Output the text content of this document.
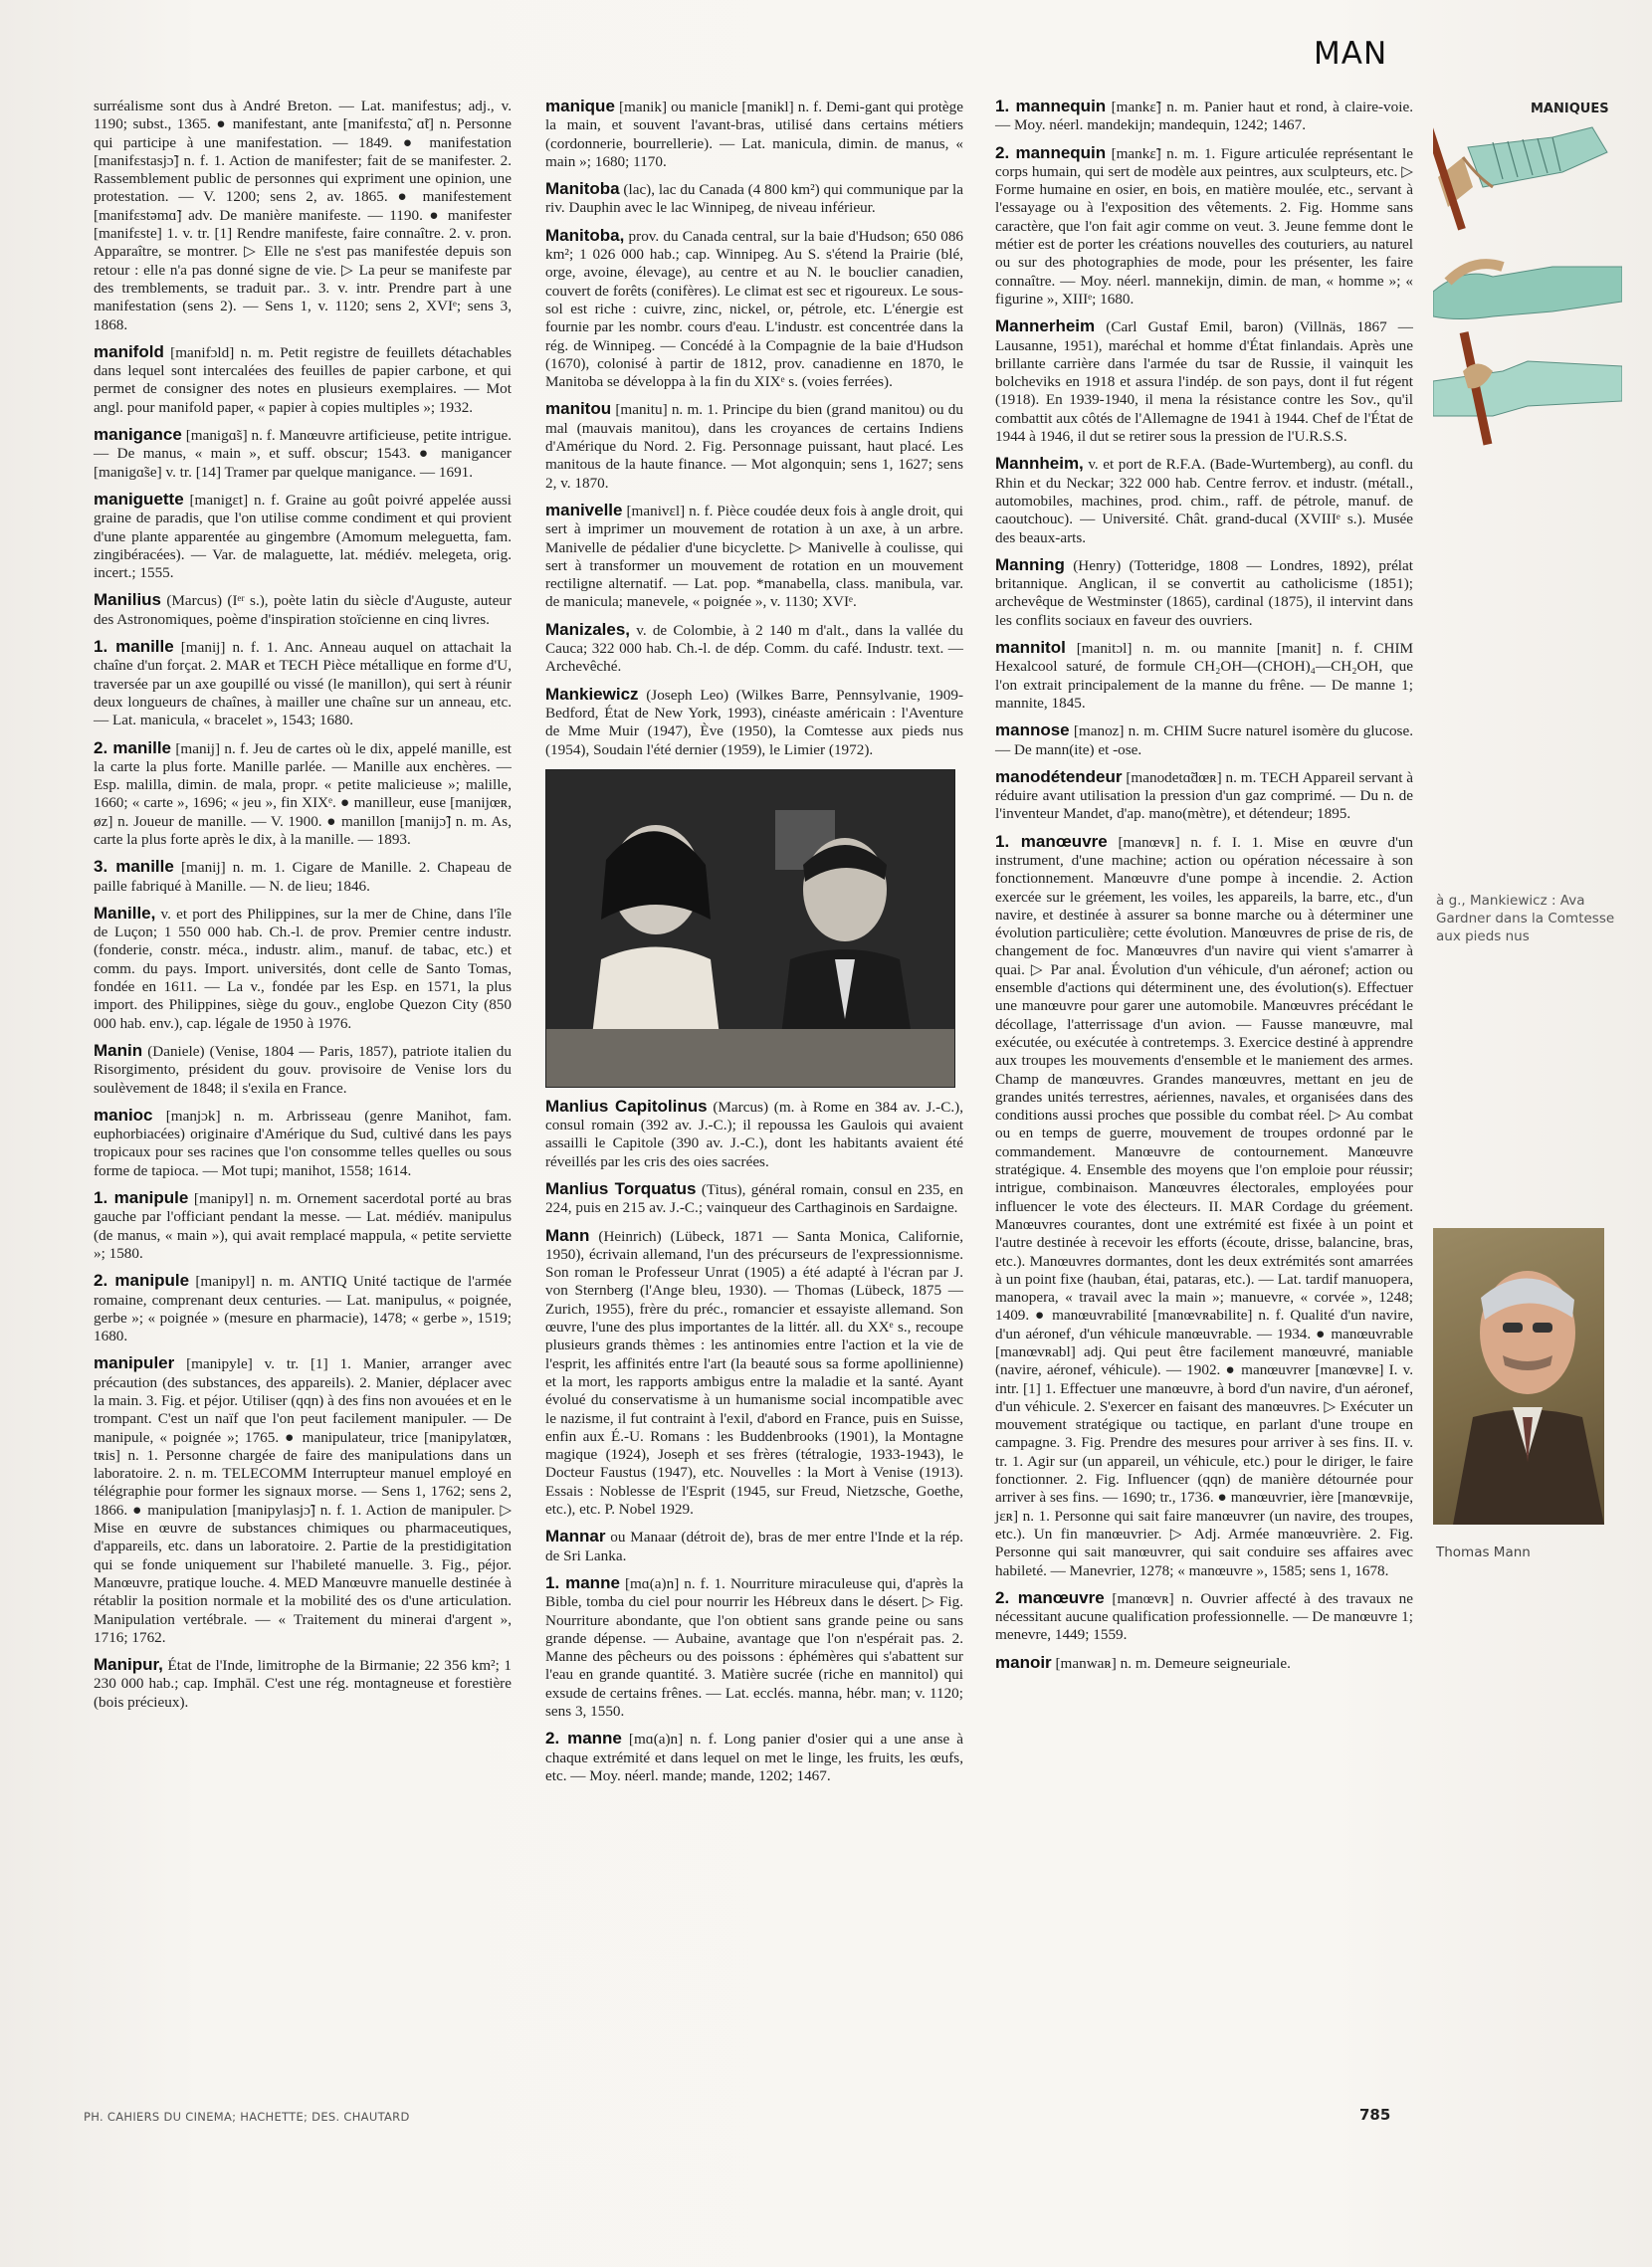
MAN

surréalisme sont dus à André Breton. — Lat. manifestus; adj., v. 1190; subst., 1365. ● manifestant, ante [manifɛstɑ̃, ɑ̃t] n. Personne qui participe à une manifestation. — 1849. ● manifestation [manifɛstasjɔ̃] n. f. 1. Action de manifester; fait de se manifester. 2. Rassemblement public de personnes qui expriment une opinion, une protestation. — V. 1200; sens 2, av. 1865. ● manifestement [manifɛstəmɑ̃] adv. De manière manifeste. — 1190. ● manifester [manifɛste] 1. v. tr. [1] Rendre manifeste, faire connaître. 2. v. pron. Apparaître, se montrer. ▷ Elle ne s'est pas manifestée depuis son retour : elle n'a pas donné signe de vie. ▷ La peur se manifeste par des tremblements, se traduit par.. 3. v. intr. Prendre part à une manifestation (sens 2). — Sens 1, v. 1120; sens 2, XVIᵉ; sens 3, 1868.

manifold [manifɔld] n. m. Petit registre de feuillets détachables dans lequel sont intercalées des feuilles de papier carbone, et qui permet de consigner des notes en plusieurs exemplaires. — Mot angl. pour manifold paper, « papier à copies multiples »; 1932.

manigance [manigɑ̃s] n. f. Manœuvre artificieuse, petite intrigue. — De manus, « main », et suff. obscur; 1543. ● manigancer [manigɑ̃se] v. tr. [14] Tramer par quelque manigance. — 1691.

maniguette [manigɛt] n. f. Graine au goût poivré appelée aussi graine de paradis, que l'on utilise comme condiment et qui provient d'une plante apparentée au gingembre (Amomum meleguetta, fam. zingibéracées). — Var. de malaguette, lat. médiév. melegeta, orig. incert.; 1555.

Manilius (Marcus) (Iᵉʳ s.), poète latin du siècle d'Auguste, auteur des Astronomiques, poème d'inspiration stoïcienne en cinq livres.

1. manille [manij] n. f. 1. Anc. Anneau auquel on attachait la chaîne d'un forçat. 2. MAR et TECH Pièce métallique en forme d'U, traversée par un axe goupillé ou vissé (le manillon), qui sert à réunir deux longueurs de chaînes, à mailler une chaîne sur un anneau, etc. — Lat. manicula, « bracelet », 1543; 1680.

2. manille [manij] n. f. Jeu de cartes où le dix, appelé manille, est la carte la plus forte. Manille parlée. — Manille aux enchères. — Esp. malilla, dimin. de mala, propr. « petite malicieuse »; malille, 1660; « carte », 1696; « jeu », fin XIXᵉ. ● manilleur, euse [manijœʀ, øz] n. Joueur de manille. — V. 1900. ● manillon [manijɔ̃] n. m. As, carte la plus forte après le dix, à la manille. — 1893.

3. manille [manij] n. m. 1. Cigare de Manille. 2. Chapeau de paille fabriqué à Manille. — N. de lieu; 1846.

Manille, v. et port des Philippines, sur la mer de Chine, dans l'île de Luçon; 1 550 000 hab. Ch.-l. de prov. Premier centre industr. (fonderie, constr. méca., industr. alim., manuf. de tabac, etc.) et comm. du pays. Import. universités, dont celle de Santo Tomas, fondée en 1611. — La v., fondée par les Esp. en 1571, la plus import. des Philippines, siège du gouv., englobe Quezon City (850 000 hab. env.), cap. légale de 1950 à 1976.

Manin (Daniele) (Venise, 1804 — Paris, 1857), patriote italien du Risorgimento, président du gouv. provisoire de Venise lors du soulèvement de 1848; il s'exila en France.

manioc [manjɔk] n. m. Arbrisseau (genre Manihot, fam. euphorbiacées) originaire d'Amérique du Sud, cultivé dans les pays tropicaux pour ses racines que l'on consomme telles quelles ou sous forme de tapioca. — Mot tupi; manihot, 1558; 1614.

1. manipule [manipyl] n. m. Ornement sacerdotal porté au bras gauche par l'officiant pendant la messe. — Lat. médiév. manipulus (de manus, « main »), qui avait remplacé mappula, « petite serviette »; 1580.

2. manipule [manipyl] n. m. ANTIQ Unité tactique de l'armée romaine, comprenant deux centuries. — Lat. manipulus, « poignée, gerbe »; « poignée » (mesure en pharmacie), 1478; « gerbe », 1519; 1680.

manipuler [manipyle] v. tr. [1] 1. Manier, arranger avec précaution (des substances, des appareils). 2. Manier, déplacer avec la main. 3. Fig. et péjor. Utiliser (qqn) à des fins non avouées et en le trompant. C'est un naïf que l'on peut facilement manipuler. — De manipule, « poignée »; 1765. ● manipulateur, trice [manipylatœʀ, tʀis] n. 1. Personne chargée de faire des manipulations dans un laboratoire. 2. n. m. TELECOMM Interrupteur manuel employé en télégraphie pour former les signaux morse. — Sens 1, 1762; sens 2, 1866. ● manipulation [manipylasjɔ̃] n. f. 1. Action de manipuler. ▷ Mise en œuvre de substances chimiques ou pharmaceutiques, d'appareils, etc. dans un laboratoire. 2. Partie de la prestidigitation qui se fonde uniquement sur l'habileté manuelle. 3. Fig., péjor. Manœuvre, pratique louche. 4. MED Manœuvre manuelle destinée à rétablir la position normale et la mobilité des os d'une articulation. Manipulation vertébrale. — « Traitement du minerai d'argent », 1716; 1762.

Manipur, État de l'Inde, limitrophe de la Birmanie; 22 356 km²; 1 230 000 hab.; cap. Imphāl. C'est une rég. montagneuse et forestière (bois précieux).

manique [manik] ou manicle [manikl] n. f. Demi-gant qui protège la main, et souvent l'avant-bras, utilisé dans certains métiers (cordonnerie, bourrellerie). — Lat. manicula, dimin. de manus, « main »; 1680; 1170.

Manitoba (lac), lac du Canada (4 800 km²) qui communique par la riv. Dauphin avec le lac Winnipeg, de niveau inférieur.

Manitoba, prov. du Canada central, sur la baie d'Hudson; 650 086 km²; 1 026 000 hab.; cap. Winnipeg. Au S. s'étend la Prairie (blé, orge, avoine, élevage), au centre et au N. le bouclier canadien, couvert de forêts (conifères). Le climat est sec et rigoureux. Le sous-sol est riche : cuivre, zinc, nickel, or, pétrole, etc. L'énergie est fournie par les nombr. cours d'eau. L'industr. est concentrée dans la rég. de Winnipeg. — Concédé à la Compagnie de la baie d'Hudson (1670), colonisé à partir de 1812, prov. canadienne en 1870, le Manitoba se développa à la fin du XIXᵉ s. (voies ferrées).

manitou [manitu] n. m. 1. Principe du bien (grand manitou) ou du mal (mauvais manitou), dans les croyances de certains Indiens d'Amérique du Nord. 2. Fig. Personnage puissant, haut placé. Les manitous de la haute finance. — Mot algonquin; sens 1, 1627; sens 2, v. 1870.

manivelle [manivɛl] n. f. Pièce coudée deux fois à angle droit, qui sert à imprimer un mouvement de rotation à un axe, à un arbre. Manivelle de pédalier d'une bicyclette. ▷ Manivelle à coulisse, qui sert à transformer un mouvement de rotation en un mouvement rectiligne alternatif. — Lat. pop. *manabella, class. manibula, var. de manicula; manevele, « poignée », v. 1130; XVIᵉ.

Manizales, v. de Colombie, à 2 140 m d'alt., dans la vallée du Cauca; 322 000 hab. Ch.-l. de dép. Comm. du café. Industr. text. — Archevêché.

Mankiewicz (Joseph Leo) (Wilkes Barre, Pennsylvanie, 1909-Bedford, État de New York, 1993), cinéaste américain : l'Aventure de Mme Muir (1947), Ève (1950), la Comtesse aux pieds nus (1954), Soudain l'été dernier (1959), le Limier (1972).

Manlius Capitolinus (Marcus) (m. à Rome en 384 av. J.-C.), consul romain (392 av. J.-C.); il repoussa les Gaulois qui avaient assailli le Capitole (390 av. J.-C.), dont les habitants avaient été réveillés par les cris des oies sacrées.

Manlius Torquatus (Titus), général romain, consul en 235, en 224, puis en 215 av. J.-C.; vainqueur des Carthaginois en Sardaigne.

Mann (Heinrich) (Lübeck, 1871 — Santa Monica, Californie, 1950), écrivain allemand, l'un des précurseurs de l'expressionnisme. Son roman le Professeur Unrat (1905) a été adapté à l'écran par J. von Sternberg (l'Ange bleu, 1930). — Thomas (Lübeck, 1875 — Zurich, 1955), frère du préc., romancier et essayiste allemand. Son œuvre, l'une des plus importantes de la littér. all. du XXᵉ s., recoupe plusieurs grands thèmes : les antinomies entre l'action et la vie de l'esprit, les affinités entre l'art (la beauté sous sa forme apollinienne) et la mort, les rapports ambigus entre la maladie et la santé. Ayant évolué du conservatisme à un humanisme social incompatible avec le nazisme, il fut contraint à l'exil, d'abord en France, puis en Suisse, enfin aux É.-U. Romans : les Buddenbrooks (1901), la Montagne magique (1924), Joseph et ses frères (tétralogie, 1933-1943), le Docteur Faustus (1947), etc. Nouvelles : la Mort à Venise (1913). Essais : Noblesse de l'Esprit (1945, sur Freud, Nietzsche, Goethe, etc.), etc. P. Nobel 1929.

Mannar ou Manaar (détroit de), bras de mer entre l'Inde et la rép. de Sri Lanka.

1. manne [mɑ(a)n] n. f. 1. Nourriture miraculeuse qui, d'après la Bible, tomba du ciel pour nourrir les Hébreux dans le désert. ▷ Fig. Nourriture abondante, que l'on obtient sans grande peine ou sans grande dépense. — Aubaine, avantage que l'on n'espérait pas. 2. Manne des pêcheurs ou des poissons : éphémères qui s'abattent sur l'eau en grande quantité. 3. Matière sucrée (riche en mannitol) qui exsude de certains frênes. — Lat. ecclés. manna, hébr. man; v. 1120; sens 3, 1550.

2. manne [mɑ(a)n] n. f. Long panier d'osier qui a une anse à chaque extrémité et dans lequel on met le linge, les fruits, les œufs, etc. — Moy. néerl. mande; mande, 1202; 1467.

1. mannequin [mankɛ̃] n. m. Panier haut et rond, à claire-voie. — Moy. néerl. mandekijn; mandequin, 1242; 1467.

2. mannequin [mankɛ̃] n. m. 1. Figure articulée représentant le corps humain, qui sert de modèle aux peintres, aux sculpteurs, etc. ▷ Forme humaine en osier, en bois, en matière moulée, etc., servant à l'essayage ou à l'exposition des vêtements. 2. Fig. Homme sans caractère, que l'on fait agir comme on veut. 3. Jeune femme dont le métier est de porter les créations nouvelles des couturiers, au naturel ou sur des photographies de mode, pour les présenter, les faire connaître. — Moy. néerl. mannekijn, dimin. de man, « homme »; « figurine », XIIIᵉ; 1680.

Mannerheim (Carl Gustaf Emil, baron) (Villnäs, 1867 — Lausanne, 1951), maréchal et homme d'État finlandais. Après une brillante carrière dans l'armée du tsar de Russie, il vainquit les bolcheviks en 1918 et assura l'indép. de son pays, dont il fut régent (1918). En 1939-1940, il mena la résistance contre les Sov., qu'il combattit aux côtés de l'Allemagne de 1941 à 1944. Chef de l'État de 1944 à 1946, il dut se retirer sous la pression de l'U.R.S.S.

Mannheim, v. et port de R.F.A. (Bade-Wurtemberg), au confl. du Rhin et du Neckar; 322 000 hab. Centre ferrov. et industr. (métall., automobiles, machines, prod. chim., raff. de pétrole, manuf. de caoutchouc). — Université. Chât. grand-ducal (XVIIIᵉ s.). Musée des beaux-arts.

Manning (Henry) (Totteridge, 1808 — Londres, 1892), prélat britannique. Anglican, il se convertit au catholicisme (1851); archevêque de Westminster (1865), cardinal (1875), il intervint dans les conflits sociaux en faveur des ouvriers.

mannitol [manitɔl] n. m. ou mannite [manit] n. f. CHIM Hexalcool saturé, de formule CH₂OH—(CHOH)₄—CH₂OH, que l'on extrait principalement de la manne du frêne. — De manne 1; mannite, 1845.

mannose [manoz] n. m. CHIM Sucre naturel isomère du glucose. — De mann(ite) et -ose.

manodétendeur [manodetɑ̃dœʀ] n. m. TECH Appareil servant à réduire avant utilisation la pression d'un gaz comprimé. — Du n. de l'inventeur Mandet, d'ap. mano(mètre), et détendeur; 1895.

1. manœuvre [manœvʀ] n. f. I. 1. Mise en œuvre d'un instrument, d'une machine; action ou opération nécessaire à son fonctionnement. Manœuvre d'une pompe à incendie. 2. Action exercée sur le gréement, les voiles, les appareils, la barre, etc., d'un navire, et destinée à assurer sa bonne marche ou à déterminer une évolution particulière; cette évolution. Manœuvres de prise de ris, de changement de foc. Manœuvres d'un navire qui vient s'amarrer à quai. ▷ Par anal. Évolution d'un véhicule, d'un aéronef; action ou ensemble d'actions qui déterminent une, des évolution(s). Effectuer une manœuvre pour garer une automobile. Manœuvres précédant le décollage, l'atterrissage d'un avion. — Fausse manœuvre, mal exécutée, ou exécutée à contretemps. 3. Exercice destiné à apprendre aux troupes les mouvements d'ensemble et le maniement des armes. Champ de manœuvres. Grandes manœuvres, mettant en jeu de grandes unités terrestres, aériennes, navales, et organisées dans des conditions aussi proches que possible du combat réel. ▷ Au combat ou en temps de guerre, mouvement de troupes ordonné par le commandement. Manœuvre de contournement. Manœuvre stratégique. 4. Ensemble des moyens que l'on emploie pour réussir; intrigue, combinaison. Manœuvres électorales, employées pour influencer le vote des électeurs. II. MAR Cordage du gréement. Manœuvres courantes, dont une extrémité est fixée à un point et l'autre destinée à recevoir les efforts (écoute, drisse, balancine, bras, etc.). Manœuvres dormantes, dont les deux extrémités sont amarrées à un point fixe (hauban, étai, pataras, etc.). — Lat. tardif manuopera, manopera, « travail avec la main »; manuevre, « corvée », 1248; 1409. ● manœuvrabilité [manœvʀabilite] n. f. Qualité d'un navire, d'un aéronef, d'un véhicule manœuvrable. — 1934. ● manœuvrable [manœvʀabl] adj. Qui peut être facilement manœuvré, maniable (navire, aéronef, véhicule). — 1902. ● manœuvrer [manœvʀe] I. v. intr. [1] 1. Effectuer une manœuvre, à bord d'un navire, d'un aéronef, d'un véhicule. 2. S'exercer en faisant des manœuvres. ▷ Exécuter un mouvement stratégique ou tactique, en parlant d'une troupe en campagne. 3. Fig. Prendre des mesures pour arriver à ses fins. II. v. tr. 1. Agir sur (un appareil, un véhicule, etc.) pour le diriger, le faire fonctionner. 2. Fig. Influencer (qqn) de manière détournée pour arriver à ses fins. — 1690; tr., 1736. ● manœuvrier, ière [manœvʀije, jɛʀ] n. 1. Personne qui sait faire manœuvrer (un navire, des troupes, etc.). Un fin manœuvrier. ▷ Adj. Armée manœuvrière. 2. Fig. Personne qui sait manœuvrer, qui sait conduire ses affaires avec habileté. — Manevrier, 1278; « manœuvre », 1585; sens 1, 1678.

2. manœuvre [manœvʀ] n. Ouvrier affecté à des travaux ne nécessitant aucune qualification professionnelle. — De manœuvre 1; menevre, 1449; 1559.

manoir [manwaʀ] n. m. Demeure seigneuriale.

MANIQUES
à g., Mankiewicz : Ava Gardner dans la Comtesse aux pieds nus
Thomas Mann
PH. CAHIERS DU CINEMA; HACHETTE; DES. CHAUTARD	785
